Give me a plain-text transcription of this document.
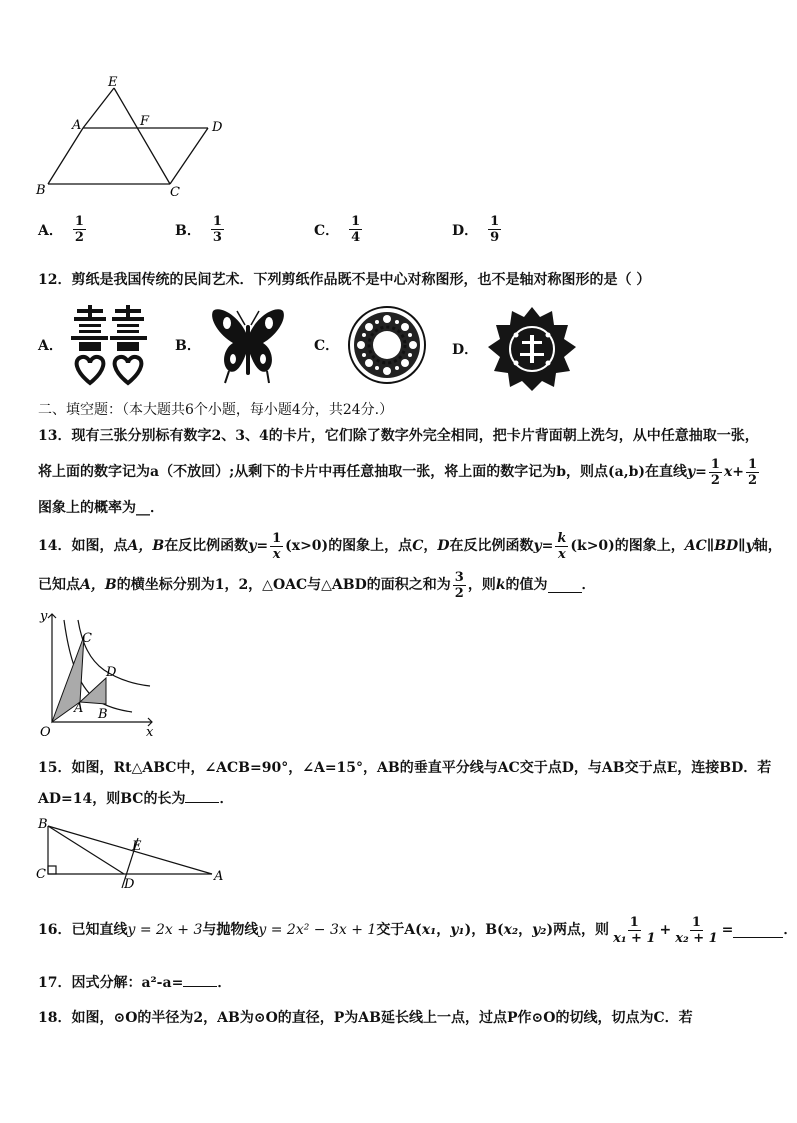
E
A	F	D
B	C
A． $\frac{1}{2}$	B． $\frac{1}{3}$	C． $\frac{1}{4}$	D． $\frac{1}{9}$
12．剪纸是我国传统的民间艺术．下列剪纸作品既不是中心对称图形，也不是轴对称图形的是（ ）
A．	B．	C．	D．
二、填空题：（本大题共6个小题，每小题4分，共24分.）
13．现有三张分别标有数字2、3、4的卡片，它们除了数字外完全相同，把卡片背面朝上洗匀，从中任意抽取一张，
将上面的数字记为a（不放回）;从剩下的卡片中再任意抽取一张，将上面的数字记为b，则点(a,b)在直线 $y = \frac{1}{2}$ $x + \frac{1}{2}$
图象上的概率为__．
14．如图，点 A，B 在反比例函数 $y = \frac{1}{x} (x>0)$ 的图象上，点 C ， D 在反比例函数 $y = \frac{k}{x} (k>0)$ 的图象上， AC∥BD∥y 轴，
已知点 A，B 的横坐标分别为1，2，△OAC与△ABD的面积之和为 $\frac{3}{2}$ ，则 k 的值为 ．
y
C
D
A B
O	x
15．如图，Rt△ABC中，∠ACB=90°，∠A=15°，AB的垂直平分线与AC交于点D，与AB交于点E，连接BD．若
AD=14，则BC的长为 ．
B
E
C
D
A
16．已知直线 y = 2x + 3 与抛物线 y = 2x² − 3x + 1 交于A( x₁ ， y₁ )，B( x₂ ， y₂ )两点，则 $\frac{1}{\text{x₁ + 1}} + \frac{1}{\text{x₂ + 1}}$ =	．
17．因式分解：a²-a= ．
18．如图，⊙O的半径为2，AB为⊙O的直径，P为AB延长线上一点，过点P作⊙O的切线，切点为C．若
